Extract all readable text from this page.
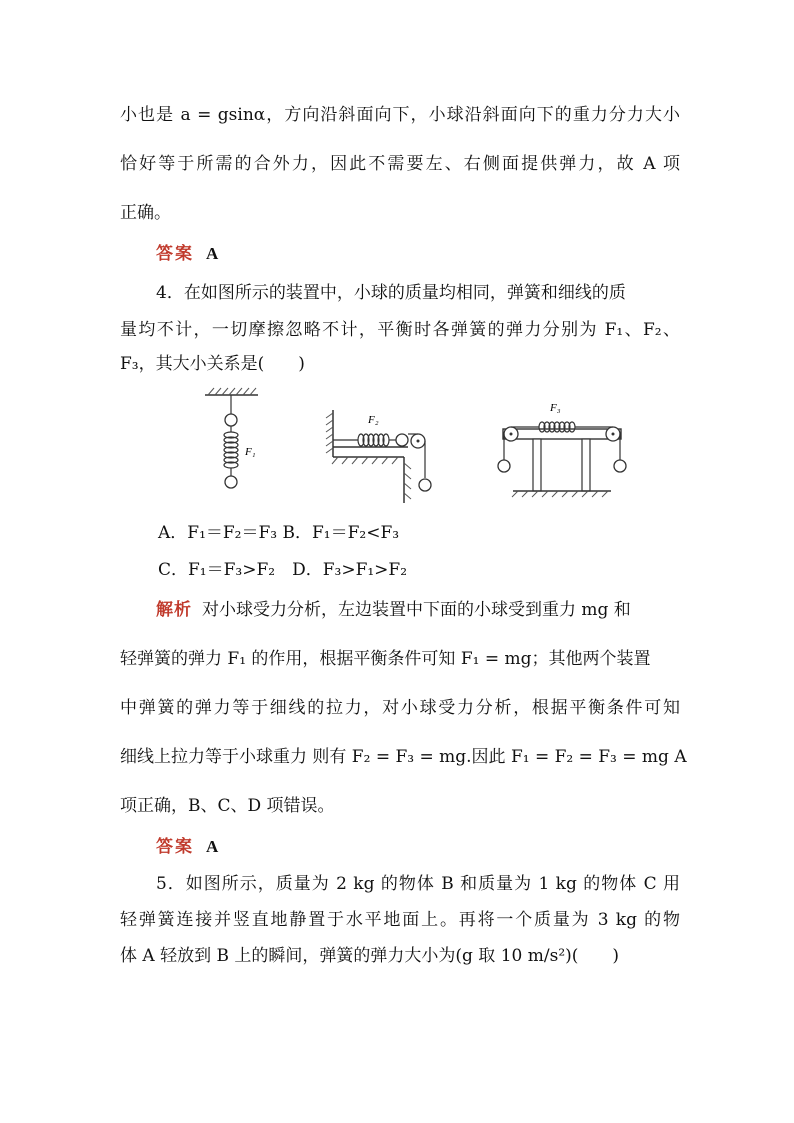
小也是 a = gsinα，方向沿斜面向下，小球沿斜面向下的重力分力大小
恰好等于所需的合外力，因此不需要左、右侧面提供弹力，故 A 项
正确。
答案 A
4．在如图所示的装置中，小球的质量均相同，弹簧和细线的质
量均不计，一切摩擦忽略不计，平衡时各弹簧的弹力分别为 F₁、F₂、
F₃，其大小关系是(　　)
F₁
F₂
F₃
A．F₁＝F₂＝F₃ B．F₁＝F₂<F₃
C．F₁＝F₃>F₂　D．F₃>F₁>F₂
解析 对小球受力分析，左边装置中下面的小球受到重力 mg 和
轻弹簧的弹力 F₁ 的作用，根据平衡条件可知 F₁ = mg；其他两个装置
中弹簧的弹力等于细线的拉力，对小球受力分析，根据平衡条件可知
细线上拉力等于小球重力 则有 F₂ = F₃ = mg.因此 F₁ = F₂ = F₃ = mg A
项正确，B、C、D 项错误。
答案 A
5．如图所示，质量为 2 kg 的物体 B 和质量为 1 kg 的物体 C 用
轻弹簧连接并竖直地静置于水平地面上。再将一个质量为 3 kg 的物
体 A 轻放到 B 上的瞬间，弹簧的弹力大小为(g 取 10 m/s²)(　　)
